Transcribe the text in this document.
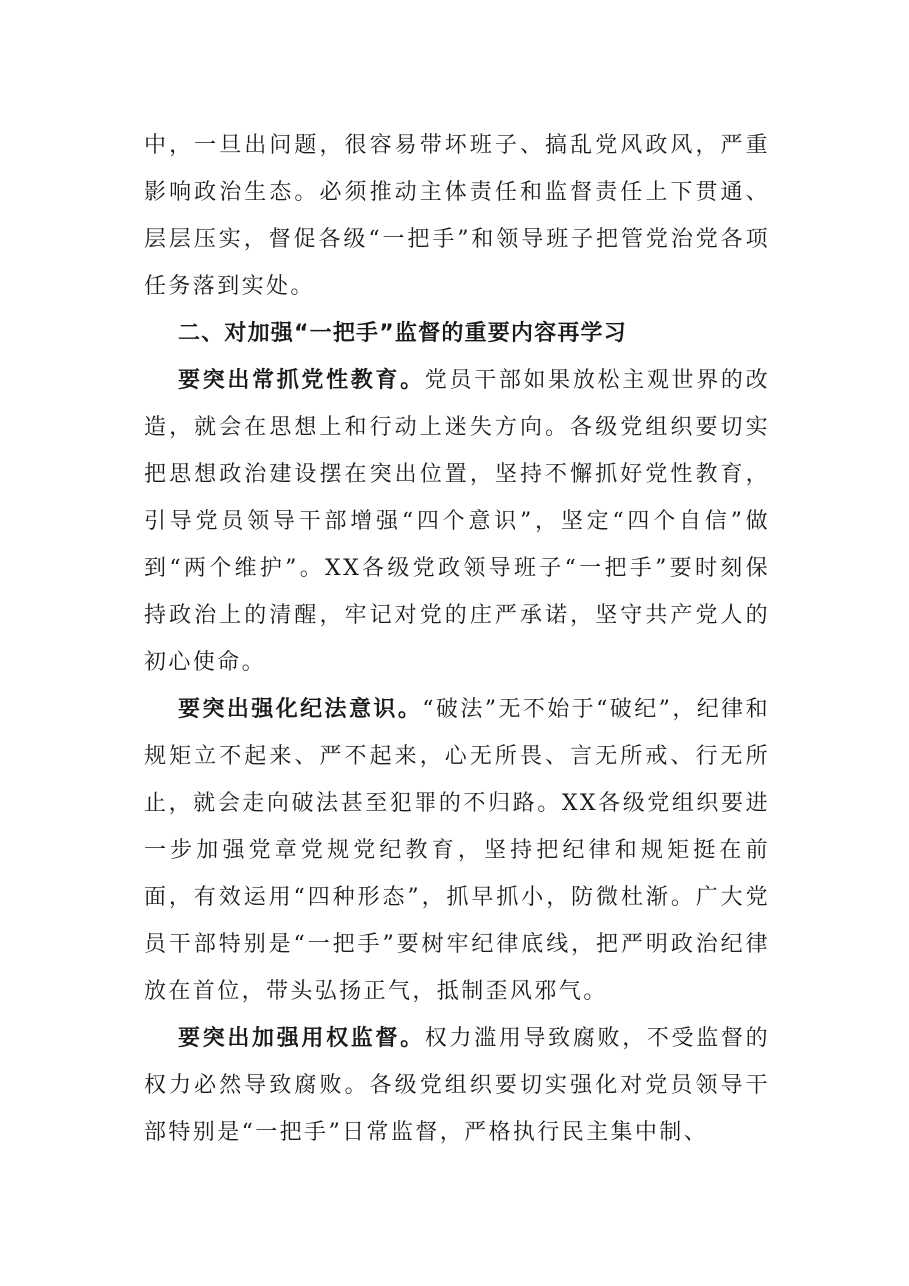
中，一旦出问题，很容易带坏班子、搞乱党风政风，严重影响政治生态。必须推动主体责任和监督责任上下贯通、层层压实，督促各级“一把手”和领导班子把管党治党各项任务落到实处。

二、对加强“一把手”监督的重要内容再学习

要突出常抓党性教育。党员干部如果放松主观世界的改造，就会在思想上和行动上迷失方向。各级党组织要切实把思想政治建设摆在突出位置，坚持不懈抓好党性教育，引导党员领导干部增强“四个意识”，坚定“四个自信”做到“两个维护”。XX各级党政领导班子“一把手”要时刻保持政治上的清醒，牢记对党的庄严承诺，坚守共产党人的初心使命。

要突出强化纪法意识。“破法”无不始于“破纪”，纪律和规矩立不起来、严不起来，心无所畏、言无所戒、行无所止，就会走向破法甚至犯罪的不归路。XX各级党组织要进一步加强党章党规党纪教育，坚持把纪律和规矩挺在前面，有效运用“四种形态”，抓早抓小，防微杜渐。广大党员干部特别是“一把手”要树牢纪律底线，把严明政治纪律放在首位，带头弘扬正气，抵制歪风邪气。

要突出加强用权监督。权力滥用导致腐败，不受监督的权力必然导致腐败。各级党组织要切实强化对党员领导干部特别是“一把手”日常监督，严格执行民主集中制、
